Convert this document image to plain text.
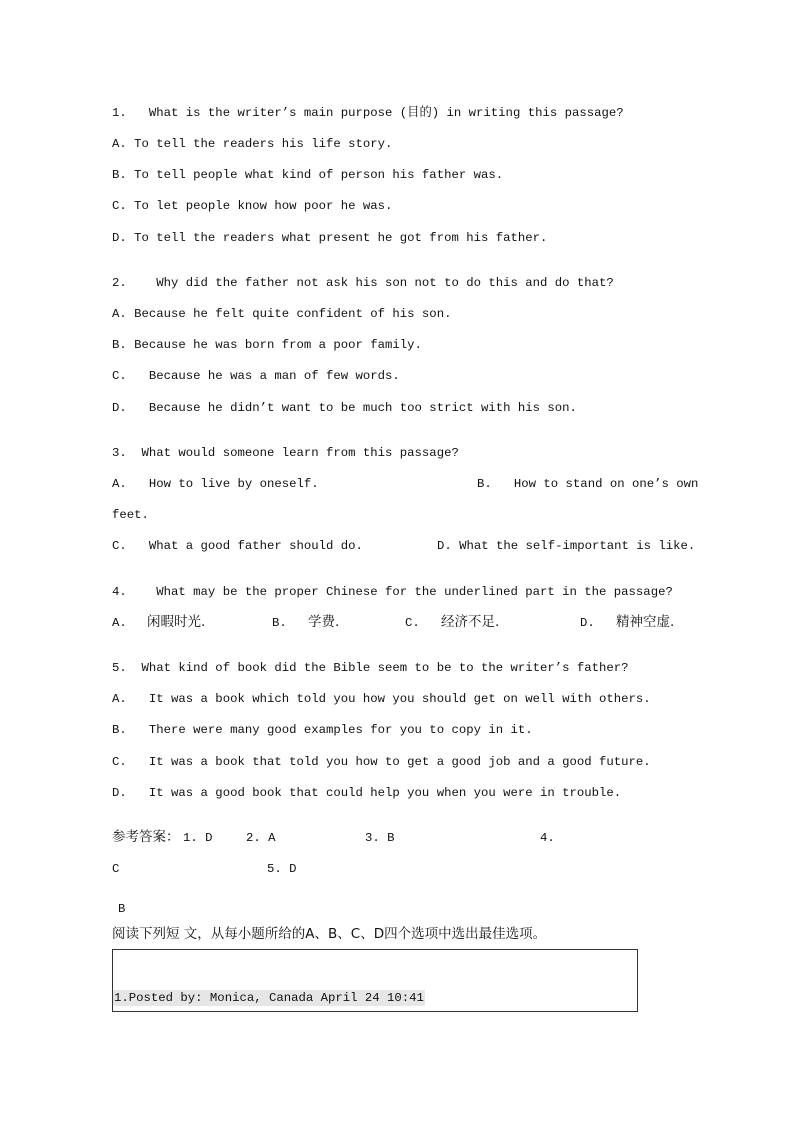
1.   What is the writer’s main purpose (目的) in writing this passage?
A. To tell the readers his life story.
B. To tell people what kind of person his father was.
C. To let people know how poor he was.
D. To tell the readers what present he got from his father.
2.    Why did the father not ask his son not to do this and do that?
A. Because he felt quite confident of his son.
B. Because he was born from a poor family.
C.   Because he was a man of few words.
D.   Because he didn’t want to be much too strict with his son.
3.  What would someone learn from this passage?
A.   How to live by oneself.	B.   How to stand on one’s own
feet.
C.   What a good father should do.	D. What the self-important is like.
4.    What may be the proper Chinese for the underlined part in the passage?
A. 闲暇时光.	B. 学费.	C. 经济不足.	D. 精神空虚.
5.  What kind of book did the Bible seem to be to the writer’s father?
A.   It was a book which told you how you should get on well with others.
B.   There were many good examples for you to copy in it.
C.   It was a book that told you how to get a good job and a good future.
D.   It was a good book that could help you when you were in trouble.
参考答案： 1. D	2. A	3. B	4.
C	5. D
B
阅读下列短 文，从每小题所给的A、B、C、D四个选项中选出最佳选项。
1.Posted by: Monica, Canada April 24 10:41
